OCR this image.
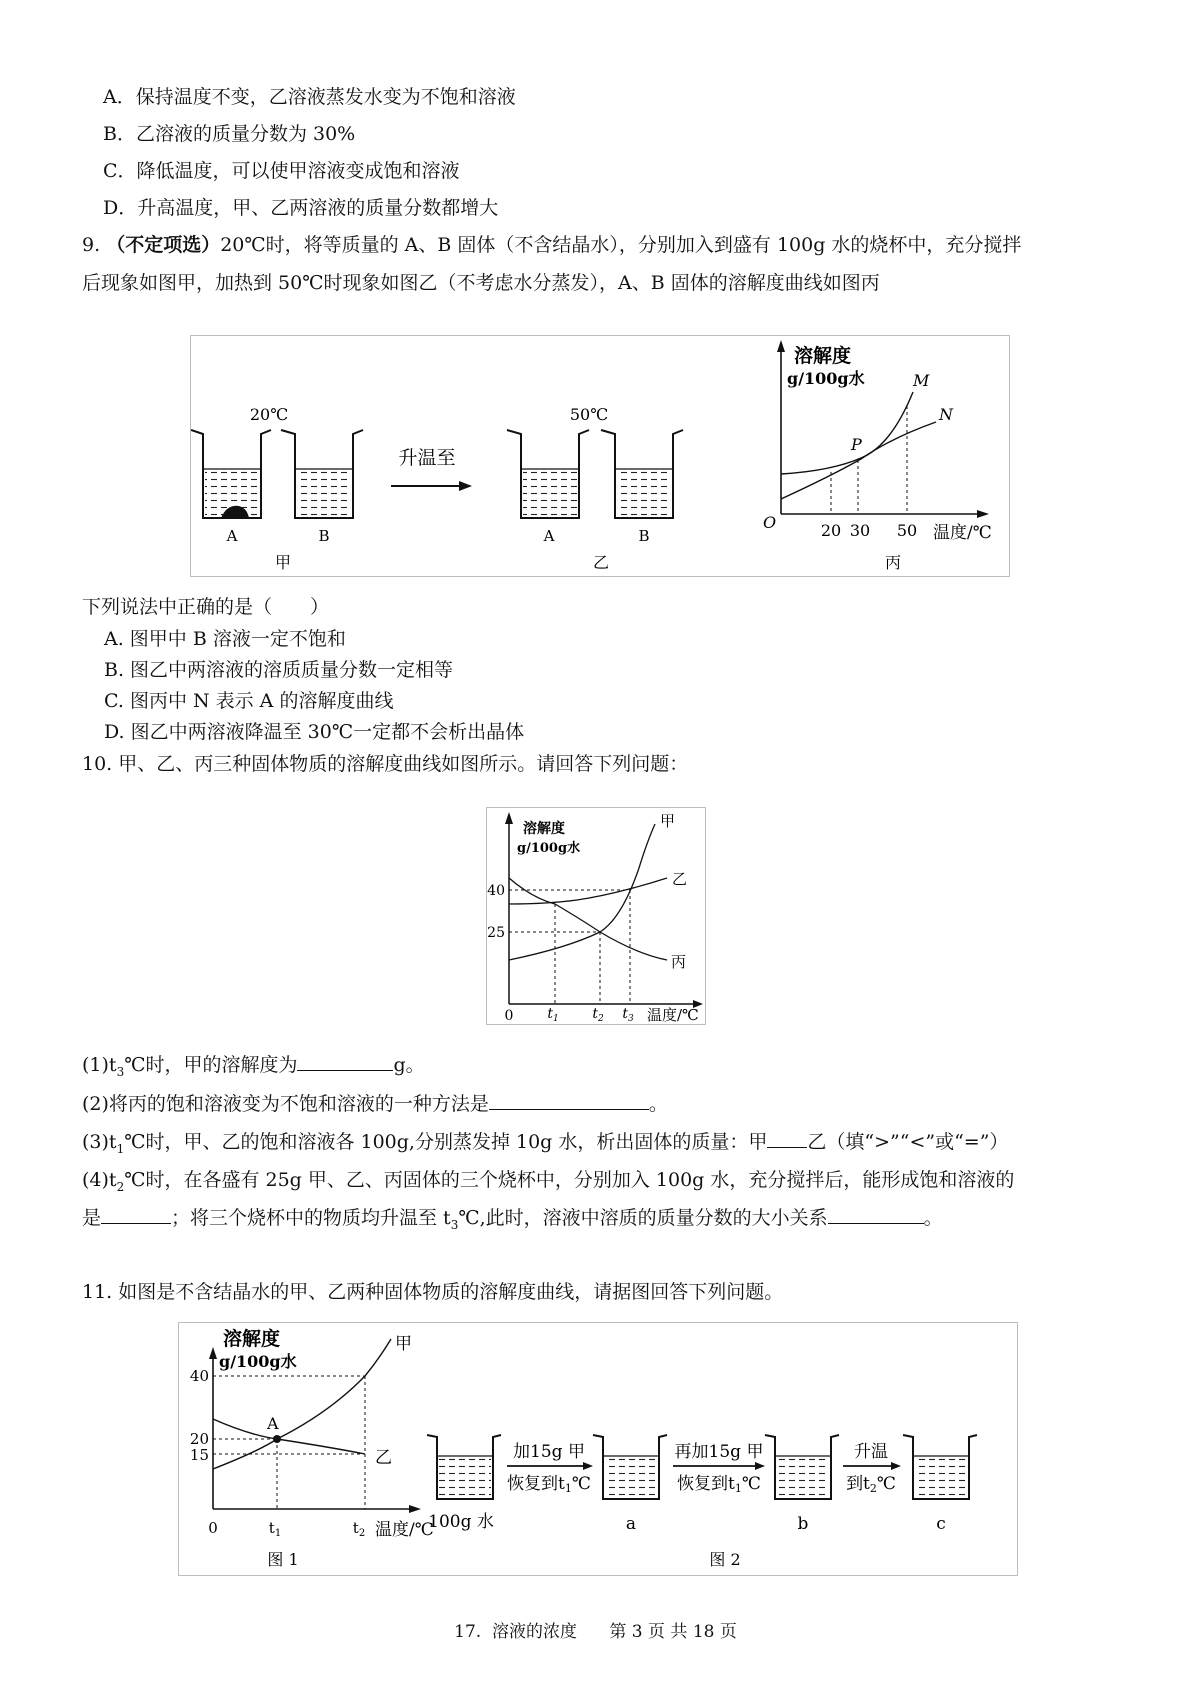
A．保持温度不变，乙溶液蒸发水变为不饱和溶液
B．乙溶液的质量分数为 30%
C．降低温度，可以使甲溶液变成饱和溶液
D．升高温度，甲、乙两溶液的质量分数都增大
9. （不定项选）20℃时，将等质量的 A、B 固体（不含结晶水），分别加入到盛有 100g 水的烧杯中，充分搅拌
后现象如图甲，加热到 50℃时现象如图乙（不考虑水分蒸发），A、B 固体的溶解度曲线如图丙
20℃
A	B
甲
升温至
50℃
A	B
乙
溶解度
g/100g水	M
N
P
O	20 30 50 温度/℃
丙
下列说法中正确的是（　　）
A. 图甲中 B 溶液一定不饱和
B. 图乙中两溶液的溶质质量分数一定相等
C. 图丙中 N 表示 A 的溶解度曲线
D. 图乙中两溶液降温至 30℃一定都不会析出晶体
10. 甲、乙、丙三种固体物质的溶解度曲线如图所示。请回答下列问题：
溶解度
g/100g水
甲
乙
丙
40
25
0 $t_1$ $t_2$ $t_3$ 温度/℃
$(1)t_3℃$时，甲的溶解度为	g。
(2)将丙的饱和溶液变为不饱和溶液的一种方法是	。
$(3)t_1℃$时，甲、乙的饱和溶液各 100g,分别蒸发掉 10g 水，析出固体的质量：甲 乙（填“>”“<”或“=”）
$(4)t_2℃$时，在各盛有 25g 甲、乙、丙固体的三个烧杯中，分别加入 100g 水，充分搅拌后，能形成饱和溶液的
是	；将三个烧杯中的物质均升温至 $t_3℃$,此时，溶液中溶质的质量分数的大小关系	。
11. 如图是不含结晶水的甲、乙两种固体物质的溶解度曲线，请据图回答下列问题。
溶解度
g/100g水
甲
乙
A
40
20
15
0	$t_1$	$t_2$ 温度/℃
图 1
100g 水
加15g 甲
恢复到t1℃
a
再加15g 甲
恢复到t1℃
b
升温
到t2℃
c
图 2
17.  溶液的浓度      第 3 页 共 18 页
